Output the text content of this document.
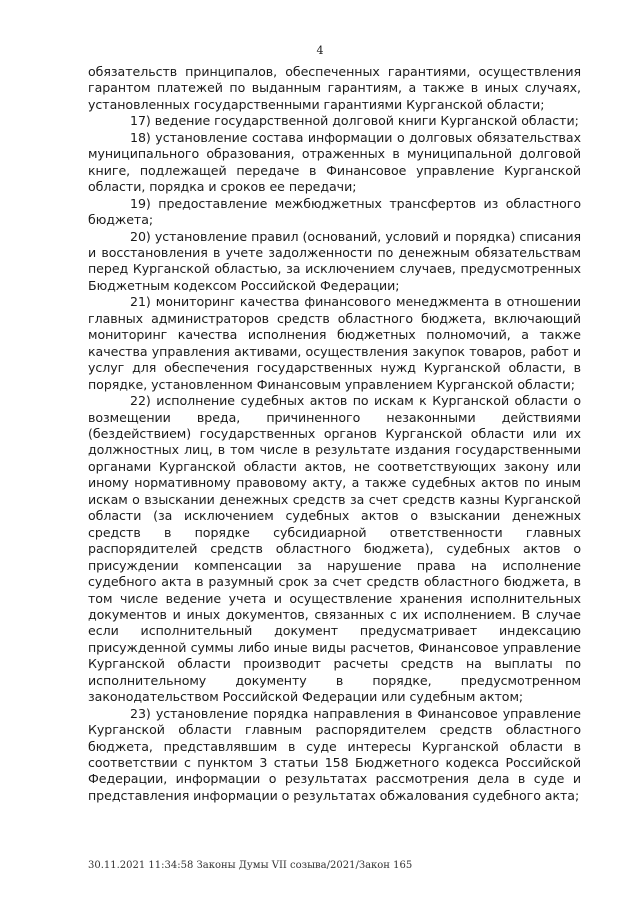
4

обязательств принципалов, обеспеченных гарантиями, осуществления гарантом платежей по выданным гарантиям, а также в иных случаях, установленных государственными гарантиями Курганской области;

17) ведение государственной долговой книги Курганской области;

18) установление состава информации о долговых обязательствах муниципального образования, отраженных в муниципальной долговой книге, подлежащей передаче в Финансовое управление Курганской области, порядка и сроков ее передачи;

19) предоставление межбюджетных трансфертов из областного бюджета;

20) установление правил (оснований, условий и порядка) списания и восстановления в учете задолженности по денежным обязательствам перед Курганской областью, за исключением случаев, предусмотренных Бюджетным кодексом Российской Федерации;

21) мониторинг качества финансового менеджмента в отношении главных администраторов средств областного бюджета, включающий мониторинг качества исполнения бюджетных полномочий, а также качества управления активами, осуществления закупок товаров, работ и услуг для обеспечения государственных нужд Курганской области, в порядке, установленном Финансовым управлением Курганской области;

22) исполнение судебных актов по искам к Курганской области о возмещении вреда, причиненного незаконными действиями (бездействием) государственных органов Курганской области или их должностных лиц, в том числе в результате издания государственными органами Курганской области актов, не соответствующих закону или иному нормативному правовому акту, а также судебных актов по иным искам о взыскании денежных средств за счет средств казны Курганской области (за исключением судебных актов о взыскании денежных средств в порядке субсидиарной ответственности главных распорядителей средств областного бюджета), судебных актов о присуждении компенсации за нарушение права на исполнение судебного акта в разумный срок за счет средств областного бюджета, в том числе ведение учета и осуществление хранения исполнительных документов и иных документов, связанных с их исполнением. В случае если исполнительный документ предусматривает индексацию присужденной суммы либо иные виды расчетов, Финансовое управление Курганской области производит расчеты средств на выплаты по исполнительному документу в порядке, предусмотренном законодательством Российской Федерации или судебным актом;

23) установление порядка направления в Финансовое управление Курганской области главным распорядителем средств областного бюджета, представлявшим в суде интересы Курганской области в соответствии с пунктом 3 статьи 158 Бюджетного кодекса Российской Федерации, информации о результатах рассмотрения дела в суде и представления информации о результатах обжалования судебного акта;

30.11.2021 11:34:58 Законы Думы VII созыва/2021/Закон 165
